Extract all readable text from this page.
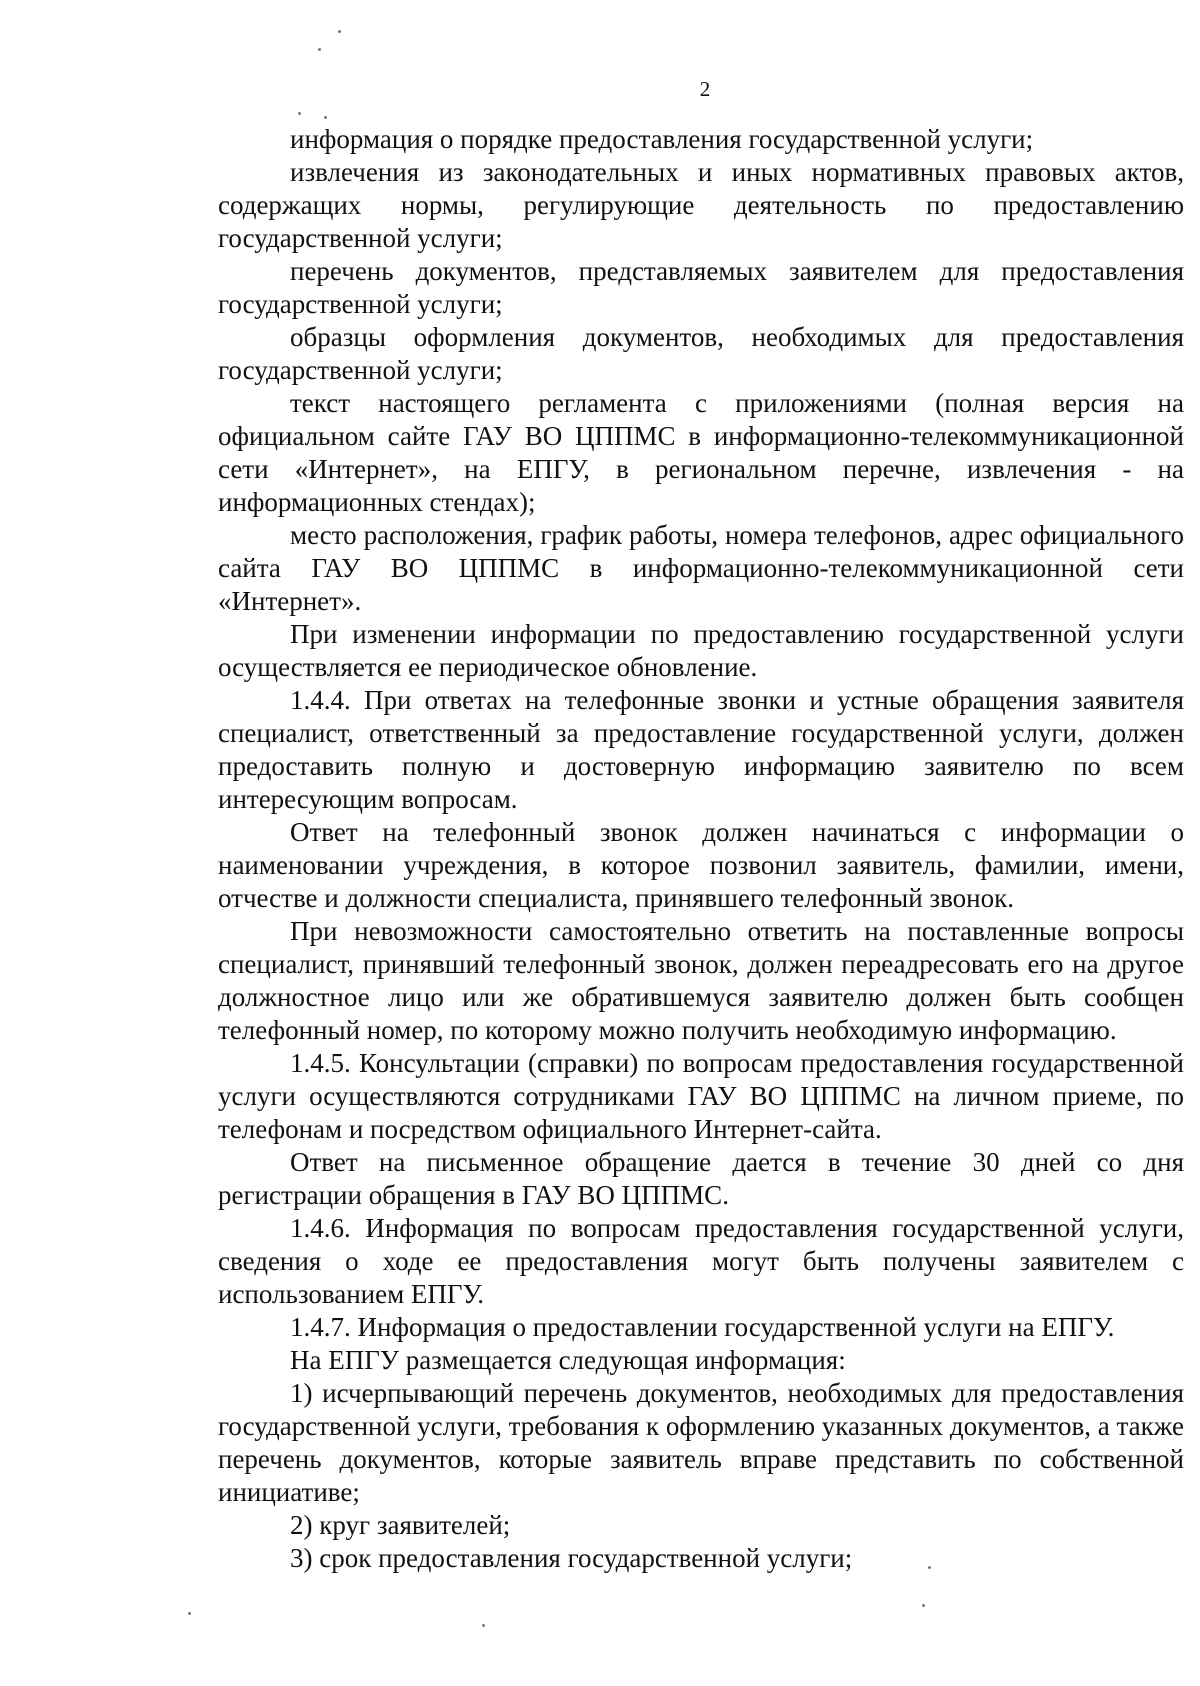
2

информация о порядке предоставления государственной услуги;

извлечения из законодательных и иных нормативных правовых актов, содержащих нормы, регулирующие деятельность по предоставлению государственной услуги;

перечень документов, представляемых заявителем для предоставления государственной услуги;

образцы оформления документов, необходимых для предоставления государственной услуги;

текст настоящего регламента с приложениями (полная версия на официальном сайте ГАУ ВО ЦППМС в информационно-телекоммуникационной сети «Интернет», на ЕПГУ, в региональном перечне, извлечения - на информационных стендах);

место расположения, график работы, номера телефонов, адрес официального сайта ГАУ ВО ЦППМС в информационно-телекоммуникационной сети «Интернет».

При изменении информации по предоставлению государственной услуги осуществляется ее периодическое обновление.

1.4.4. При ответах на телефонные звонки и устные обращения заявителя специалист, ответственный за предоставление государственной услуги, должен предоставить полную и достоверную информацию заявителю по всем интересующим вопросам.

Ответ на телефонный звонок должен начинаться с информации о наименовании учреждения, в которое позвонил заявитель, фамилии, имени, отчестве и должности специалиста, принявшего телефонный звонок.

При невозможности самостоятельно ответить на поставленные вопросы специалист, принявший телефонный звонок, должен переадресовать его на другое должностное лицо или же обратившемуся заявителю должен быть сообщен телефонный номер, по которому можно получить необходимую информацию.

1.4.5. Консультации (справки) по вопросам предоставления государственной услуги осуществляются сотрудниками ГАУ ВО ЦППМС на личном приеме, по телефонам и посредством официального Интернет-сайта.

Ответ на письменное обращение дается в течение 30 дней со дня регистрации обращения в ГАУ ВО ЦППМС.

1.4.6. Информация по вопросам предоставления государственной услуги, сведения о ходе ее предоставления могут быть получены заявителем с использованием ЕПГУ.

1.4.7. Информация о предоставлении государственной услуги на ЕПГУ.

На ЕПГУ размещается следующая информация:

1) исчерпывающий перечень документов, необходимых для предоставления государственной услуги, требования к оформлению указанных документов, а также перечень документов, которые заявитель вправе представить по собственной инициативе;

2) круг заявителей;

3) срок предоставления государственной услуги;
